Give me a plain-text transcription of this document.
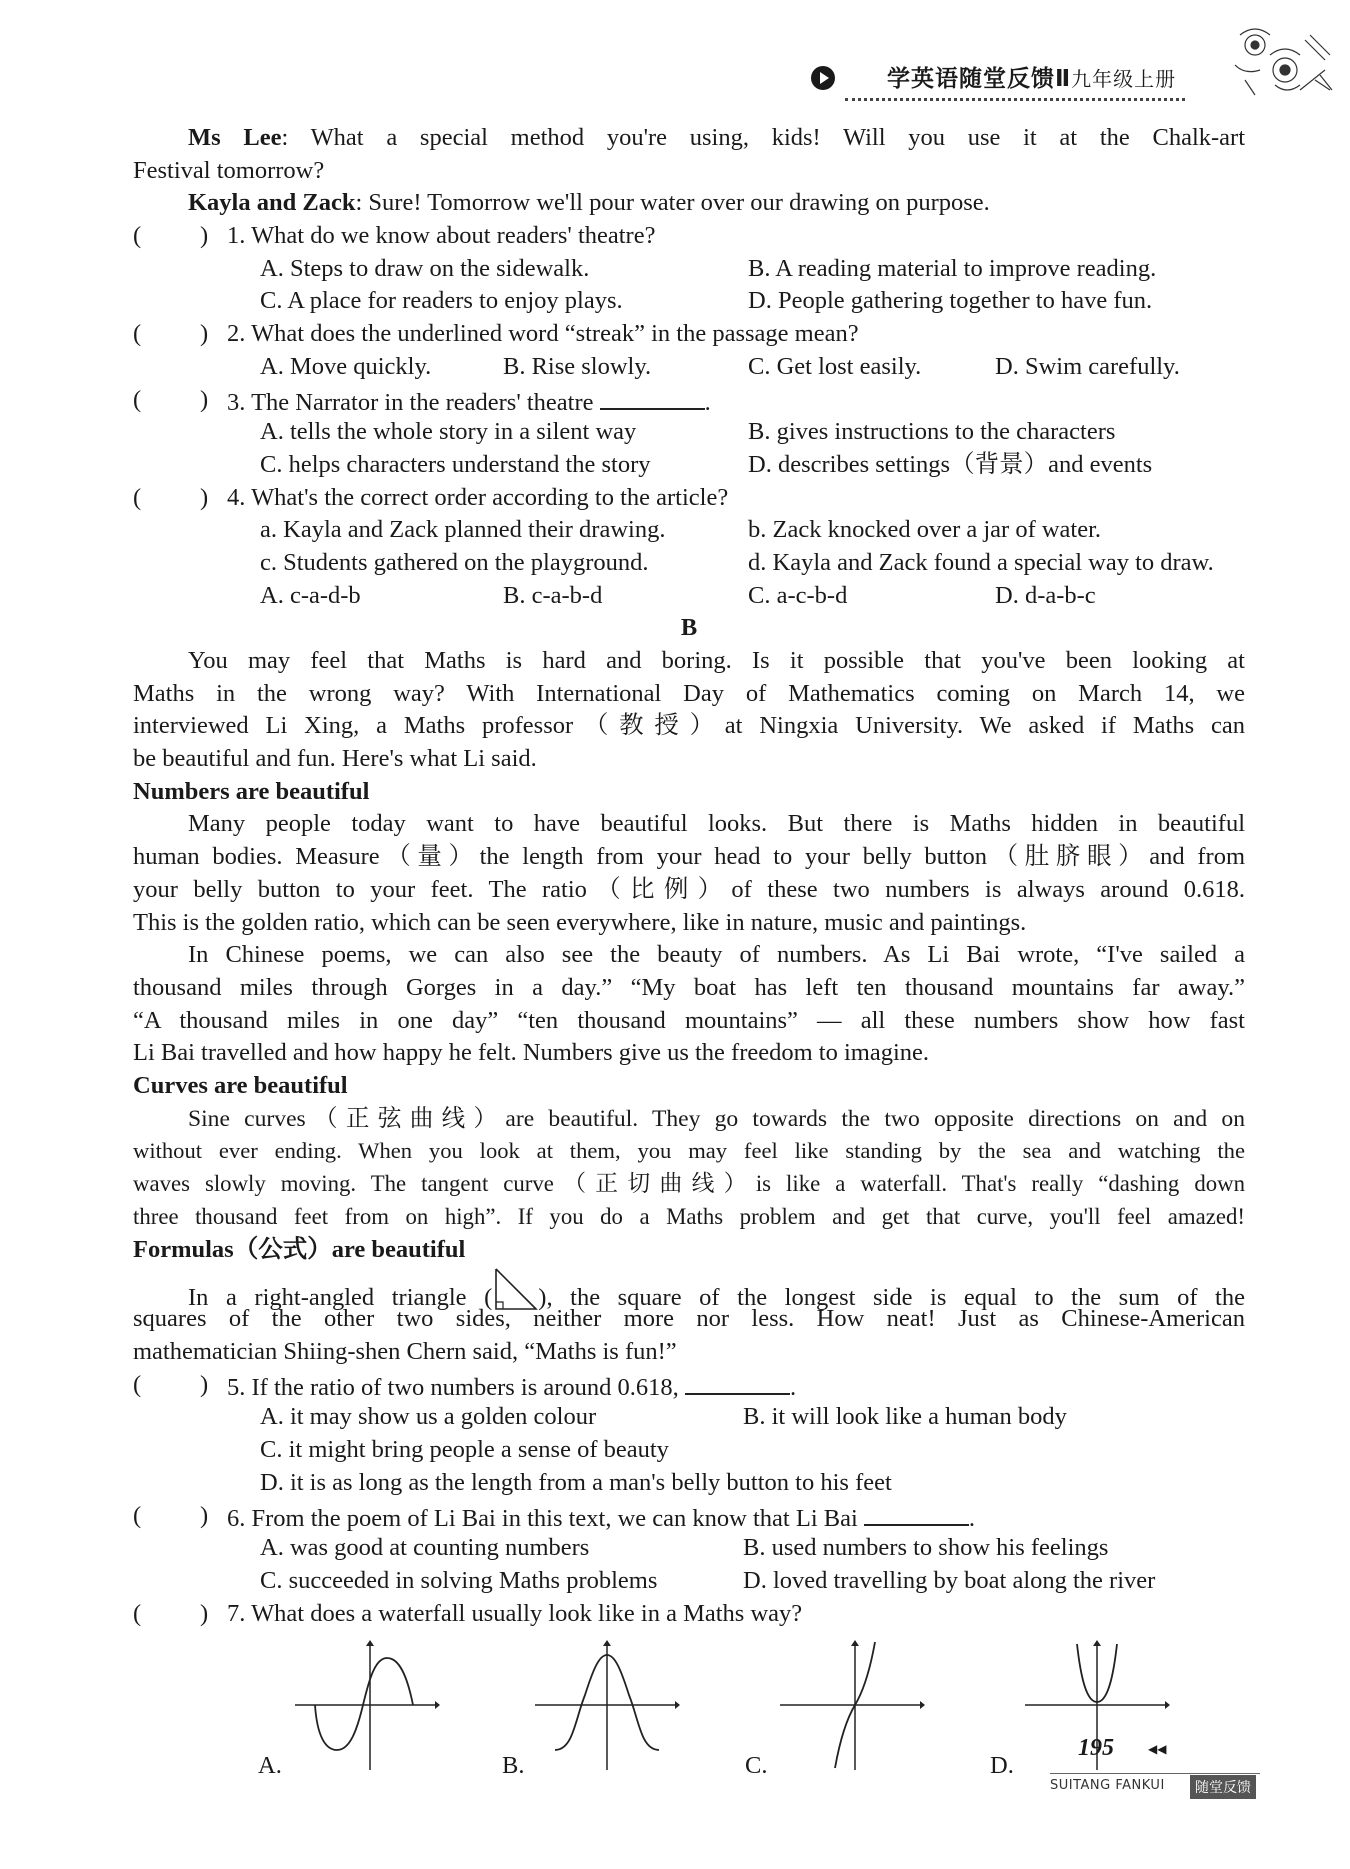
学英语随堂反馈Ⅱ九年级上册
Ms Lee: What a special method you're using, kids! Will you use it at the Chalk-art
Festival tomorrow?
Kayla and Zack: Sure! Tomorrow we'll pour water over our drawing on purpose.
( ) 1. What do we know about readers' theatre?
A. Steps to draw on the sidewalk.	B. A reading material to improve reading.
C. A place for readers to enjoy plays.	D. People gathering together to have fun.
( ) 2. What does the underlined word “streak” in the passage mean?
A. Move quickly.	B. Rise slowly.	C. Get lost easily.	D. Swim carefully.
( ) 3. The Narrator in the readers' theatre	.
A. tells the whole story in a silent way	B. gives instructions to the characters
C. helps characters understand the story	D. describes settings（背景）and events
( ) 4. What's the correct order according to the article?
a. Kayla and Zack planned their drawing.	b. Zack knocked over a jar of water.
c. Students gathered on the playground.	d. Kayla and Zack found a special way to draw.
A. c-a-d-b	B. c-a-b-d	C. a-c-b-d	D. d-a-b-c
B
You may feel that Maths is hard and boring. Is it possible that you've been looking at
Maths in the wrong way? With International Day of Mathematics coming on March 14, we
interviewed Li Xing, a Maths professor（教授）at Ningxia University. We asked if Maths can
be beautiful and fun. Here's what Li said.
Numbers are beautiful
Many people today want to have beautiful looks. But there is Maths hidden in beautiful
human bodies. Measure（量）the length from your head to your belly button（肚脐眼）and from
your belly button to your feet. The ratio（比例）of these two numbers is always around 0.618.
This is the golden ratio, which can be seen everywhere, like in nature, music and paintings.
In Chinese poems, we can also see the beauty of numbers. As Li Bai wrote, “I've sailed a
thousand miles through Gorges in a day.” “My boat has left ten thousand mountains far away.”
“A thousand miles in one day” “ten thousand mountains” — all these numbers show how fast
Li Bai travelled and how happy he felt. Numbers give us the freedom to imagine.
Curves are beautiful
Sine curves（正弦曲线）are beautiful. They go towards the two opposite directions on and on
without ever ending. When you look at them, you may feel like standing by the sea and watching the
waves slowly moving. The tangent curve（正切曲线）is like a waterfall. That's really “dashing down
three thousand feet from on high”. If you do a Maths problem and get that curve, you'll feel amazed!
Formulas（公式）are beautiful
In a right-angled triangle ( ), the square of the longest side is equal to the sum of the
squares of the other two sides, neither more nor less. How neat! Just as Chinese-American
mathematician Shiing-shen Chern said, “Maths is fun!”
( ) 5. If the ratio of two numbers is around 0.618,	.
A. it may show us a golden colour	B. it will look like a human body
C. it might bring people a sense of beauty
D. it is as long as the length from a man's belly button to his feet
( ) 6. From the poem of Li Bai in this text, we can know that Li Bai	.
A. was good at counting numbers	B. used numbers to show his feelings
C. succeeded in solving Maths problems	D. loved travelling by boat along the river
( ) 7. What does a waterfall usually look like in a Maths way?
A.	B.	C.	D.
195	◀◀
SUITANG FANKUI	随堂反馈
